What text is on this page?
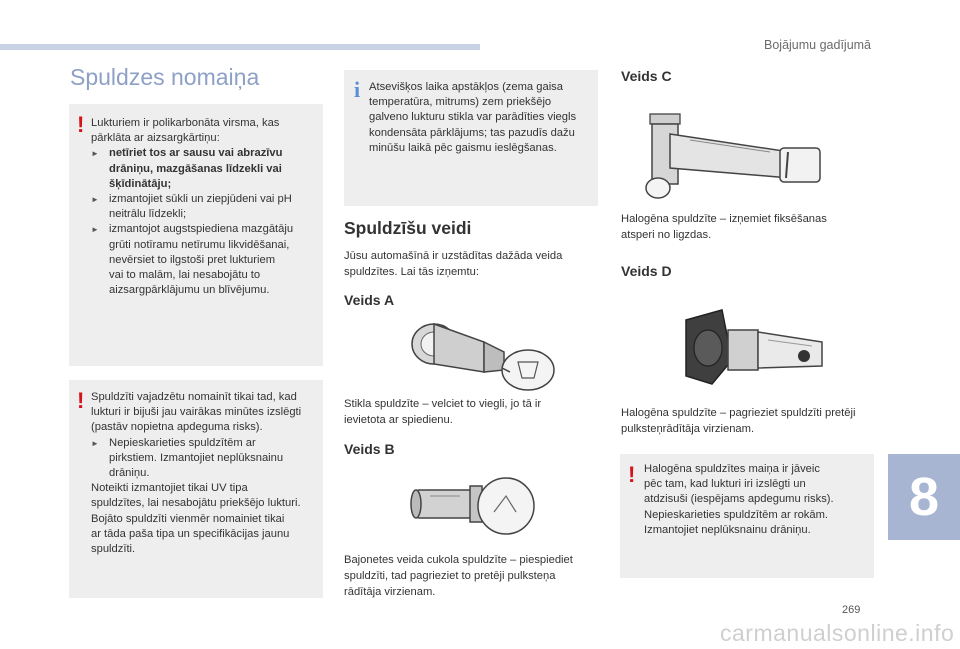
Bojājumu gadījumā
Spuldzes nomaiņa
! Lukturiem ir polikarbonāta virsma, kas
pārklāta ar aizsargkārtiņu:
► netīriet tos ar sausu vai abrazīvu
drāniņu, mazgāšanas līdzekli vai
šķīdinātāju;
► izmantojiet sūkli un ziepjūdeni vai pH
neitrālu līdzekli;
► izmantojot augstspiediena mazgātāju
grūti notīramu netīrumu likvidēšanai,
nevērsiet to ilgstoši pret lukturiem
vai to malām, lai nesabojātu to
aizsargpārklājumu un blīvējumu.
! Spuldzīti vajadzētu nomainīt tikai tad, kad
lukturi ir bijuši jau vairākas minūtes izslēgti
(pastāv nopietna apdeguma risks).
► Nepieskarieties spuldzītēm ar
pirkstiem. Izmantojiet neplūksnainu
drāniņu.
Noteikti izmantojiet tikai UV tipa
spuldzītes, lai nesabojātu priekšējo lukturi.
Bojāto spuldzīti vienmēr nomainiet tikai
ar tāda paša tipa un specifikācijas jaunu
spuldzīti.
i Atsevišķos laika apstākļos (zema gaisa
temperatūra, mitrums) zem priekšējo
galveno lukturu stikla var parādīties viegls
kondensāta pārklājums; tas pazudīs dažu
minūšu laikā pēc gaismu ieslēgšanas.
Spuldzīšu veidi
Jūsu automašīnā ir uzstādītas dažāda veida
spuldzītes. Lai tās izņemtu:
Veids A
Stikla spuldzīte – velciet to viegli, jo tā ir
ievietota ar spiedienu.
Veids B
Bajonetes veida cukola spuldzīte – piespiediet
spuldzīti, tad pagrieziet to pretēji pulksteņa
rādītāja virzienam.
Veids C
Halogēna spuldzīte – izņemiet fiksēšanas
atsperi no ligzdas.
Veids D
Halogēna spuldzīte – pagrieziet spuldzīti pretēji
pulksteņrādītāja virzienam.
! Halogēna spuldzītes maiņa ir jāveic
pēc tam, kad lukturi iri izslēgti un
atdzisuši (iespējams apdegumu risks).
Nepieskarieties spuldzītēm ar rokām.
Izmantojiet neplūksnainu drāniņu.
8
269
carmanualsonline.info
